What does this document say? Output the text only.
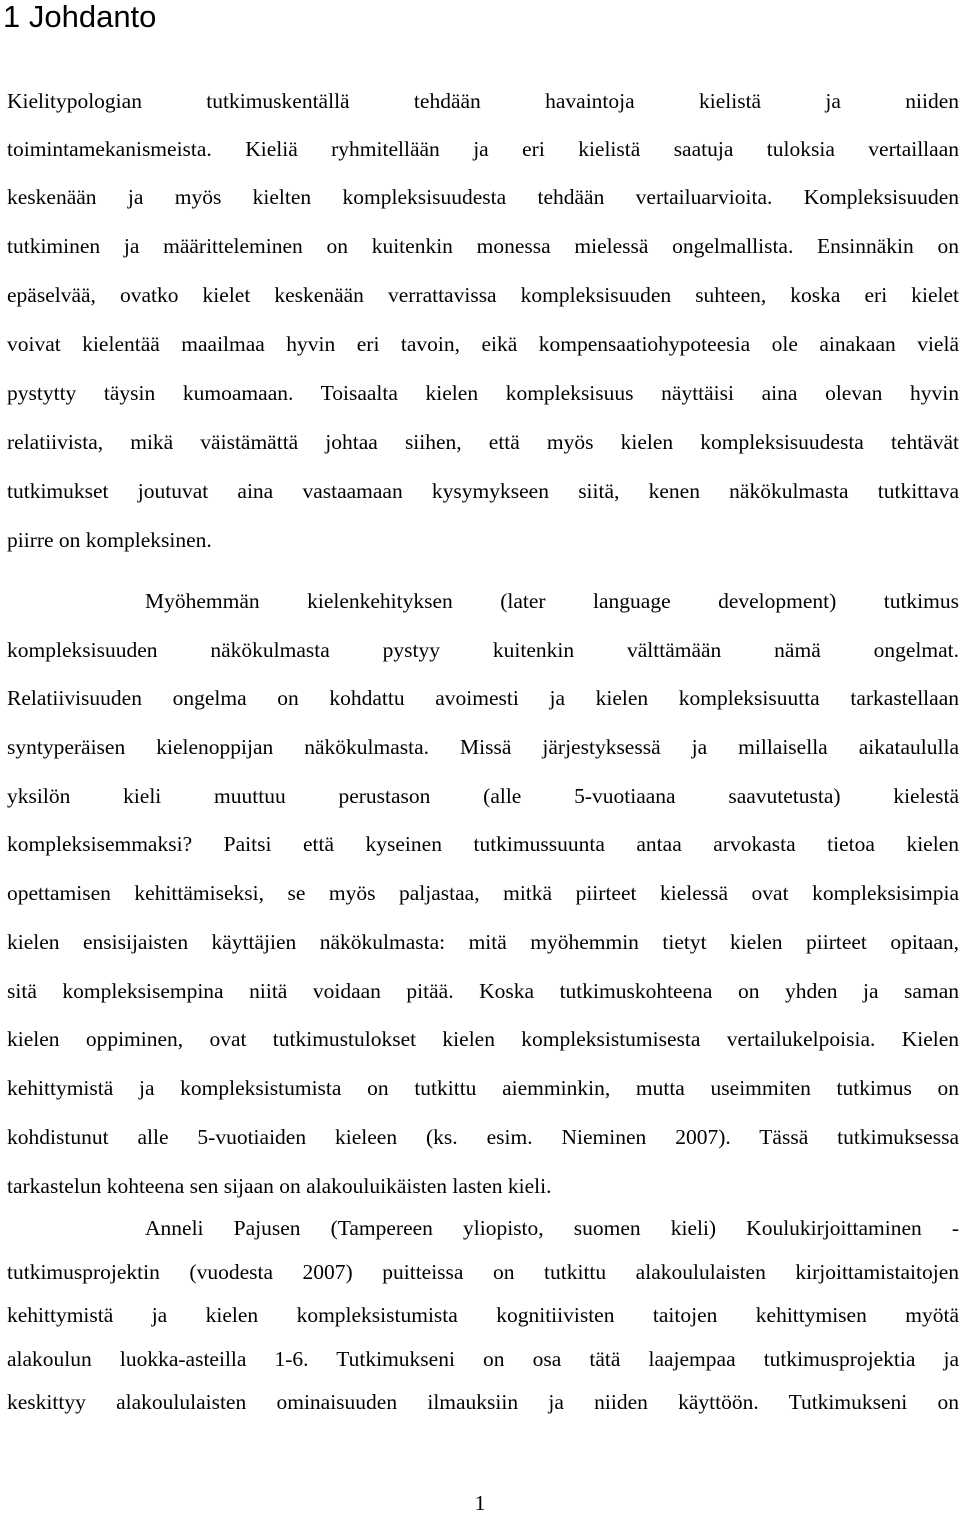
1 Johdanto
Kielitypologian tutkimuskentällä tehdään havaintoja kielistä ja niiden
toimintamekanismeista. Kieliä ryhmitellään ja eri kielistä saatuja tuloksia vertaillaan
keskenään ja myös kielten kompleksisuudesta tehdään vertailuarvioita. Kompleksisuuden
tutkiminen ja määritteleminen on kuitenkin monessa mielessä ongelmallista. Ensinnäkin on
epäselvää, ovatko kielet keskenään verrattavissa kompleksisuuden suhteen, koska eri kielet
voivat kielentää maailmaa hyvin eri tavoin, eikä kompensaatiohypoteesia ole ainakaan vielä
pystytty täysin kumoamaan. Toisaalta kielen kompleksisuus näyttäisi aina olevan hyvin
relatiivista, mikä väistämättä johtaa siihen, että myös kielen kompleksisuudesta tehtävät
tutkimukset joutuvat aina vastaamaan kysymykseen siitä, kenen näkökulmasta tutkittava
piirre on kompleksinen.
Myöhemmän kielenkehityksen (later language development) tutkimus
kompleksisuuden näkökulmasta pystyy kuitenkin välttämään nämä ongelmat.
Relatiivisuuden ongelma on kohdattu avoimesti ja kielen kompleksisuutta tarkastellaan
syntyperäisen kielenoppijan näkökulmasta. Missä järjestyksessä ja millaisella aikataululla
yksilön kieli muuttuu perustason (alle 5-vuotiaana saavutetusta) kielestä
kompleksisemmaksi? Paitsi että kyseinen tutkimussuunta antaa arvokasta tietoa kielen
opettamisen kehittämiseksi, se myös paljastaa, mitkä piirteet kielessä ovat kompleksisimpia
kielen ensisijaisten käyttäjien näkökulmasta: mitä myöhemmin tietyt kielen piirteet opitaan,
sitä kompleksisempina niitä voidaan pitää. Koska tutkimuskohteena on yhden ja saman
kielen oppiminen, ovat tutkimustulokset kielen kompleksistumisesta vertailukelpoisia. Kielen
kehittymistä ja kompleksistumista on tutkittu aiemminkin, mutta useimmiten tutkimus on
kohdistunut alle 5-vuotiaiden kieleen (ks. esim. Nieminen 2007). Tässä tutkimuksessa
tarkastelun kohteena sen sijaan on alakouluikäisten lasten kieli.
Anneli Pajusen (Tampereen yliopisto, suomen kieli) Koulukirjoittaminen -
tutkimusprojektin (vuodesta 2007) puitteissa on tutkittu alakoululaisten kirjoittamistaitojen
kehittymistä ja kielen kompleksistumista kognitiivisten taitojen kehittymisen myötä
alakoulun luokka-asteilla 1-6. Tutkimukseni on osa tätä laajempaa tutkimusprojektia ja
keskittyy alakoululaisten ominaisuuden ilmauksiin ja niiden käyttöön. Tutkimukseni on
1
